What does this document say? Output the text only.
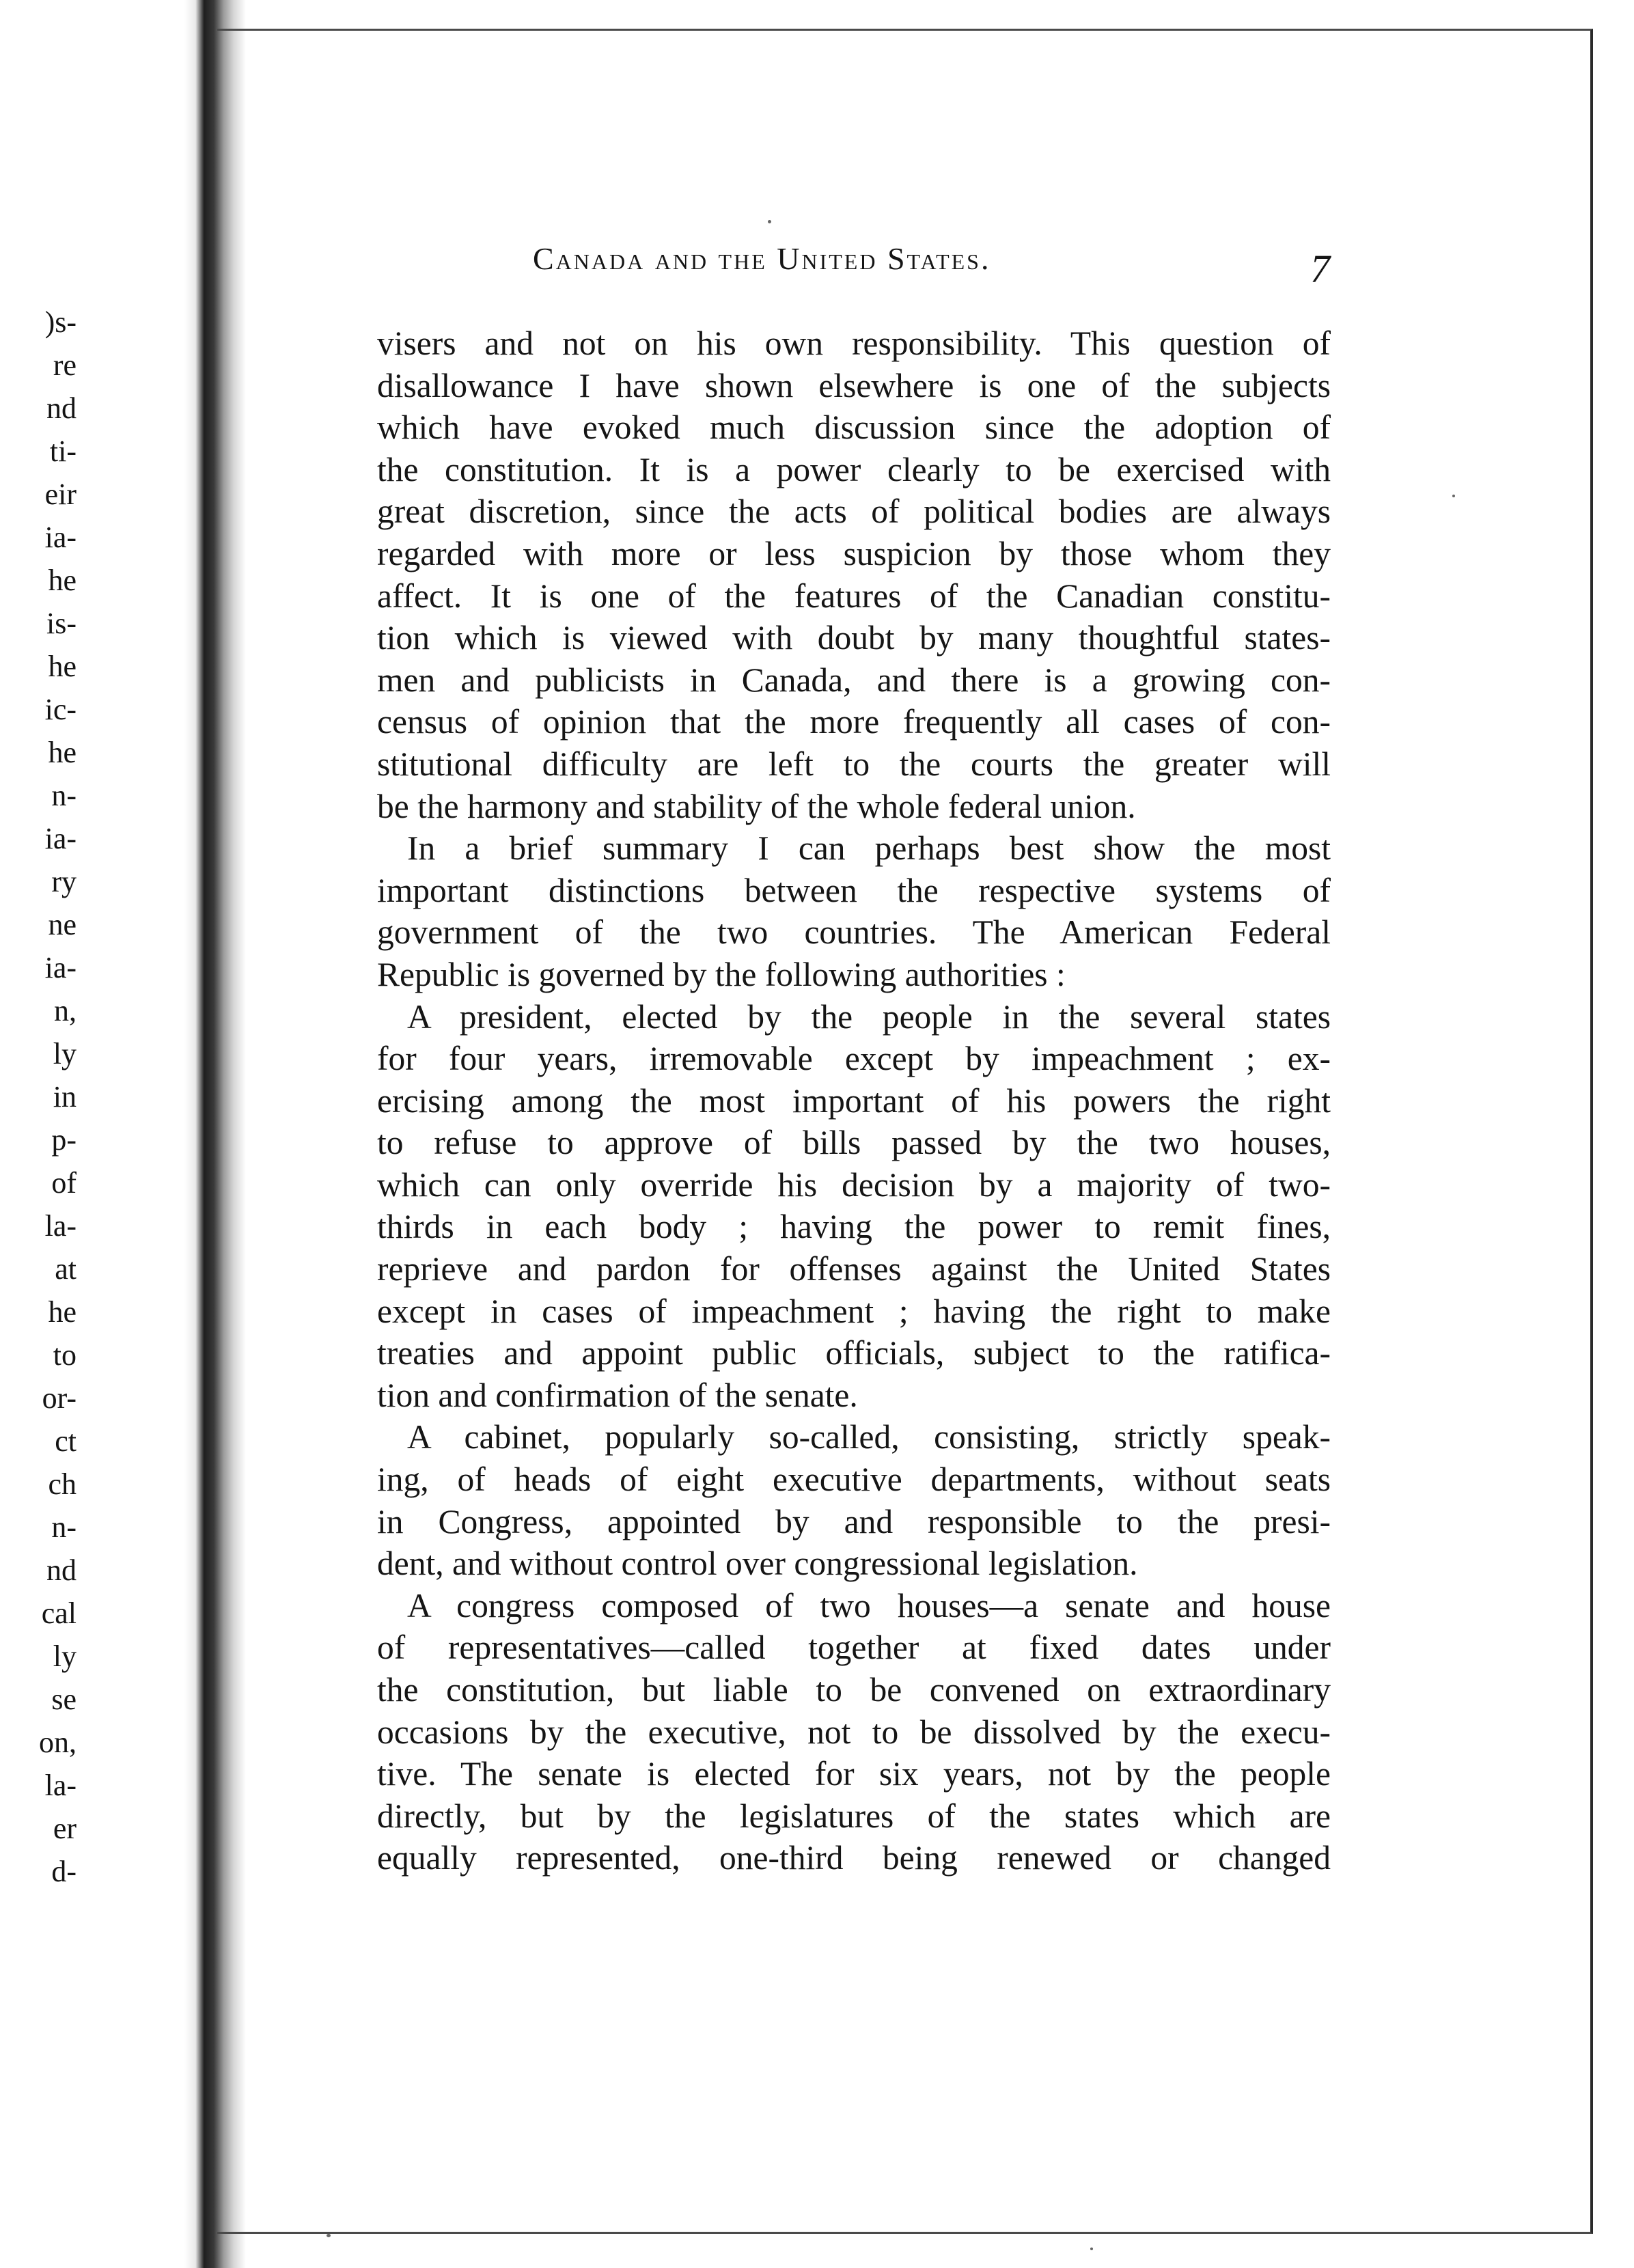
)s-
re
nd
ti-
eir
ia-
he
is-
he
ic-
he
n-
ia-
ry
ne
ia-
n,
ly
in
p-
of
la-
at
he
to
or-
ct
ch
n-
nd
cal
ly
se
on,
la-
er
d-
Canada and the United States.	7
visers and not on his own responsibility. This question of
disallowance I have shown elsewhere is one of the subjects
which have evoked much discussion since the adoption of
the constitution. It is a power clearly to be exercised with
great discretion, since the acts of political bodies are always
regarded with more or less suspicion by those whom they
affect. It is one of the features of the Canadian constitu-
tion which is viewed with doubt by many thoughtful states-
men and publicists in Canada, and there is a growing con-
census of opinion that the more frequently all cases of con-
stitutional difficulty are left to the courts the greater will
be the harmony and stability of the whole federal union.
In a brief summary I can perhaps best show the most
important distinctions between the respective systems of
government of the two countries. The American Federal
Republic is governed by the following authorities :
A president, elected by the people in the several states
for four years, irremovable except by impeachment ; ex-
ercising among the most important of his powers the right
to refuse to approve of bills passed by the two houses,
which can only override his decision by a majority of two-
thirds in each body ; having the power to remit fines,
reprieve and pardon for offenses against the United States
except in cases of impeachment ; having the right to make
treaties and appoint public officials, subject to the ratifica-
tion and confirmation of the senate.
A cabinet, popularly so-called, consisting, strictly speak-
ing, of heads of eight executive departments, without seats
in Congress, appointed by and responsible to the presi-
dent, and without control over congressional legislation.
A congress composed of two houses—a senate and house
of representatives—called together at fixed dates under
the constitution, but liable to be convened on extraordinary
occasions by the executive, not to be dissolved by the execu-
tive. The senate is elected for six years, not by the people
directly, but by the legislatures of the states which are
equally represented, one-third being renewed or changed
